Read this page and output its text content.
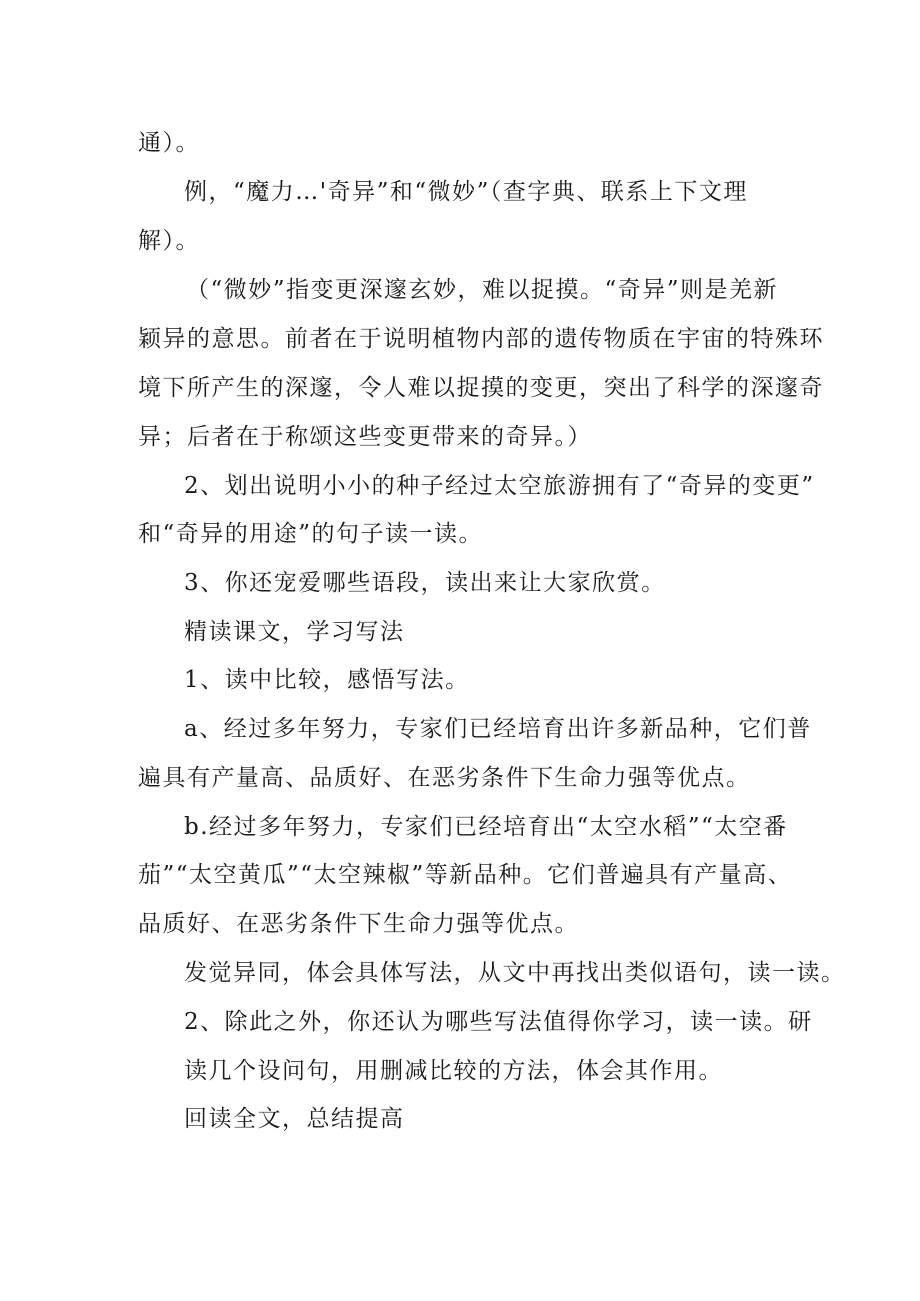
通）。
例，“魔力…'奇异”和“微妙”（查字典、联系上下文理
解）。
（“微妙”指变更深邃玄妙，难以捉摸。“奇异”则是羌新
颖异的意思。前者在于说明植物内部的遗传物质在宇宙的特殊环
境下所产生的深邃，令人难以捉摸的变更，突出了科学的深邃奇
异；后者在于称颂这些变更带来的奇异。）
2、划出说明小小的种子经过太空旅游拥有了“奇异的变更”
和“奇异的用途”的句子读一读。
3、你还宠爱哪些语段，读出来让大家欣赏。
精读课文，学习写法
1、读中比较，感悟写法。
a、经过多年努力，专家们已经培育出许多新品种，它们普
遍具有产量高、品质好、在恶劣条件下生命力强等优点。
b.经过多年努力，专家们已经培育出“太空水稻”“太空番
茄”“太空黄瓜”“太空辣椒”等新品种。它们普遍具有产量高、
品质好、在恶劣条件下生命力强等优点。
发觉异同，体会具体写法，从文中再找出类似语句，读一读。
2、除此之外，你还认为哪些写法值得你学习，读一读。研
读几个设问句，用删减比较的方法，体会其作用。
回读全文，总结提高
